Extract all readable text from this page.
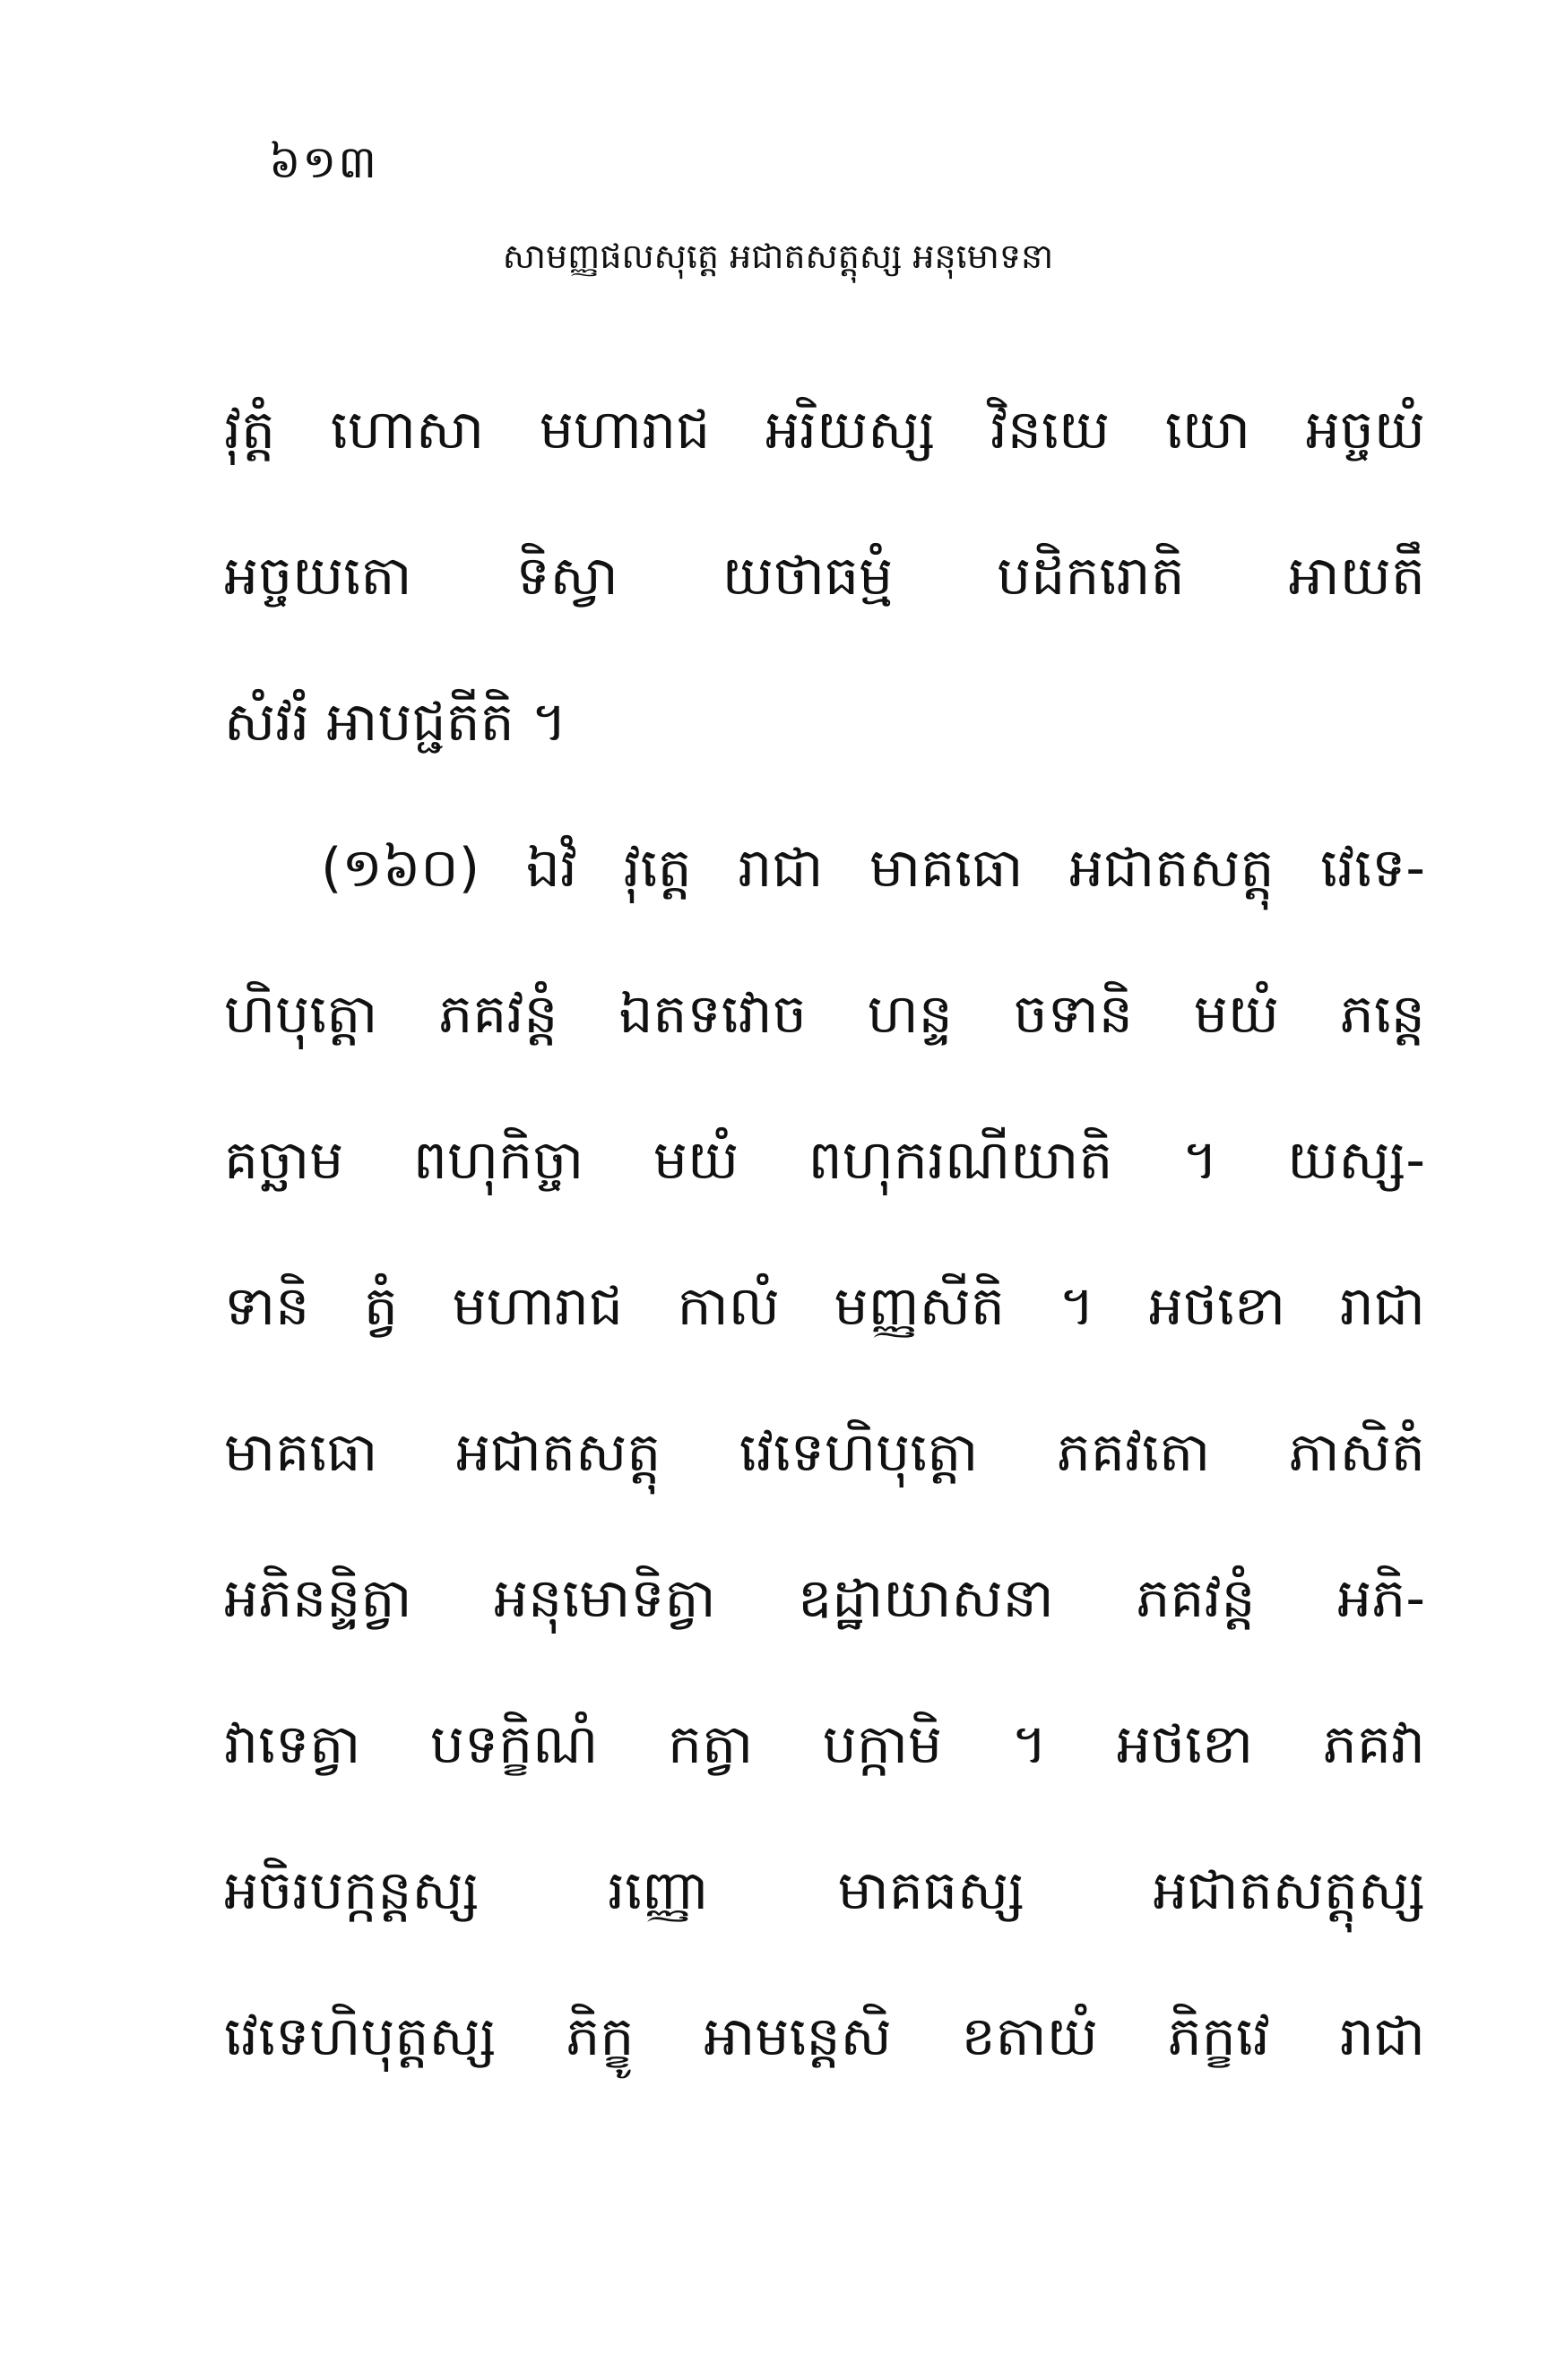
៦១៣
សាមញ្ញផលសុត្តេ អជាតសត្តុស្ស អនុមោទនា
វុត្តំ ហោសា មហារាជ អរិយស្ស វិនយេ យោ អច្ចយំ
អច្ចយតោ ទិស្វា យថាធម្មំ បដិករោតិ អាយតឹ
សំវរំ អាបជ្ជតីតិ ។
(១៦០) ឯវំ វុត្តេ រាជា មាគធោ អជាតសត្តុ វេទេ-
ហិបុត្តោ ភគវន្តំ ឯតទវោច ហន្ទ ចទានិ មយំ ភន្តេ
គច្ឆាម ពហុកិច្ចា មយំ ពហុករណីយាតិ ។ យស្ស-
ទានិ ត្វំ មហារាជ កាលំ មញ្ញសីតិ ។ អថខោ រាជា
មាគធោ អជាតសត្តុ វេទេហិបុត្តោ ភគវតោ ភាសិតំ
អភិនន្ទិត្វា អនុមោទិត្វា ឧដ្ឋាយាសនា ភគវន្តំ អភិ-
វាទេត្វា បទក្ខិណំ កត្វា បក្កាមិ ។ អថខោ ភគវា
អចិរបក្កន្តស្ស រញ្ញោ មាគធស្ស អជាតសត្តុស្ស
វេទេហិបុត្តស្ស ភិក្ខូ អាមន្តេសិ ខតាយំ ភិក្ខវេ រាជា
